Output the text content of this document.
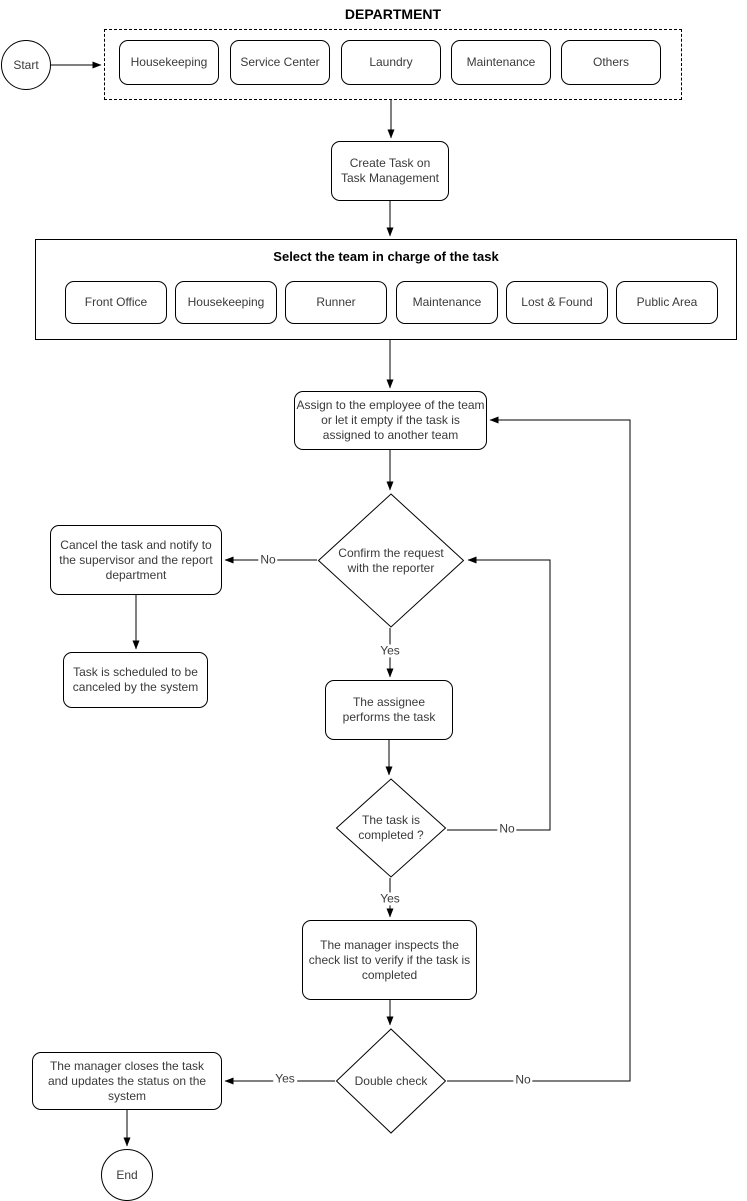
DEPARTMENT
Housekeeping	Service Center	Laundry	Maintenance	Others
Start
Create Task on Task Management
Select the team in charge of the task
Front Office	Housekeeping	Runner	Maintenance	Lost & Found	Public Area
Assign to the employee of the team or let it empty if the task is assigned to another team
Confirm the request with the reporter
Cancel the task and notify to the supervisor and the report department
Task is scheduled to be canceled by the system
The assignee performs the task
The task is completed ?
The manager inspects the check list to verify if the task is completed
Double check
The manager closes the task and updates the status on the system
End
No
Yes
No
Yes
Yes	No
